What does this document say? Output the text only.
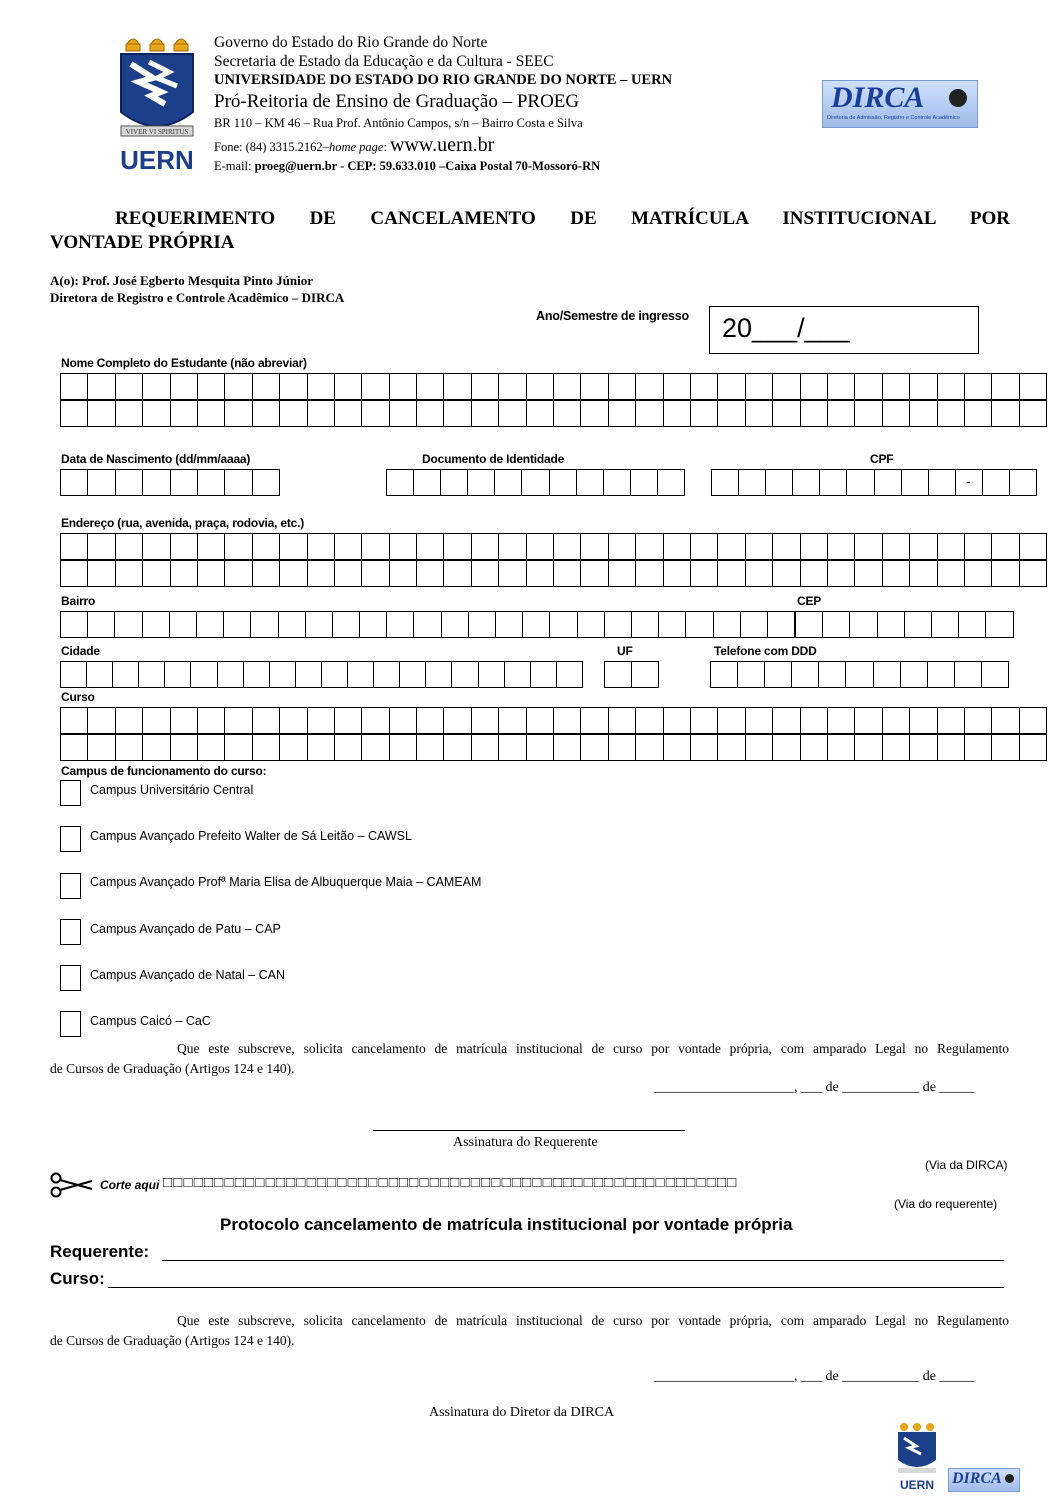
VIVER VI SPIRITUS
UERN
Governo do Estado do Rio Grande do Norte
Secretaria de Estado da Educação e da Cultura - SEEC
UNIVERSIDADE DO ESTADO DO RIO GRANDE DO NORTE – UERN
Pró-Reitoria de Ensino de Graduação – PROEG
BR 110 – KM 46 – Rua Prof. Antônio Campos, s/n – Bairro Costa e Silva
Fone: (84) 3315.2162–home page: www.uern.br
E-mail: proeg@uern.br - CEP: 59.633.010 –Caixa Postal 70-Mossoró-RN
DIRCA
Diretoria de Admissão, Registro e Controle Acadêmico
REQUERIMENTO DE CANCELAMENTO DE MATRÍCULA INSTITUCIONAL POR
VONTADE PRÓPRIA
A(o): Prof. José Egberto Mesquita Pinto Júnior
Diretora de Registro e Controle Acadêmico – DIRCA
Ano/Semestre de ingresso 20___/___
Nome Completo do Estudante (não abreviar)
Data de Nascimento (dd/mm/aaaa)	Documento de Identidade	CPF
-
Endereço (rua, avenida, praça, rodovia, etc.)
Bairro	CEP
Cidade	UF	Telefone com DDD
Curso
Campus de funcionamento do curso:
Campus Universitário Central
Campus Avançado Prefeito Walter de Sá Leitão – CAWSL
Campus Avançado Profª Maria Elisa de Albuquerque Maia – CAMEAM
Campus Avançado de Patu – CAP
Campus Avançado de Natal – CAN
Campus Caicó – CaC
Que este subscreve, solicita cancelamento de matrícula institucional de curso por vontade própria, com amparado Legal no Regulamento
de Cursos de Graduação (Artigos 124 e 140).
____________________, ___ de ___________ de _____
Assinatura do Requerente
(Via da DIRCA)
Corte aqui □□□□□□□□□□□□□□□□□□□□□□□□□□□□□□□□□□□□□□□□□□□□□□□□□□□□□□□□
(Via do requerente)
Protocolo cancelamento de matrícula institucional por vontade própria
Requerente:
Curso:
Que este subscreve, solicita cancelamento de matrícula institucional de curso por vontade própria, com amparado Legal no Regulamento
de Cursos de Graduação (Artigos 124 e 140).
____________________, ___ de ___________ de _____
Assinatura do Diretor da DIRCA
UERN DIRCA
